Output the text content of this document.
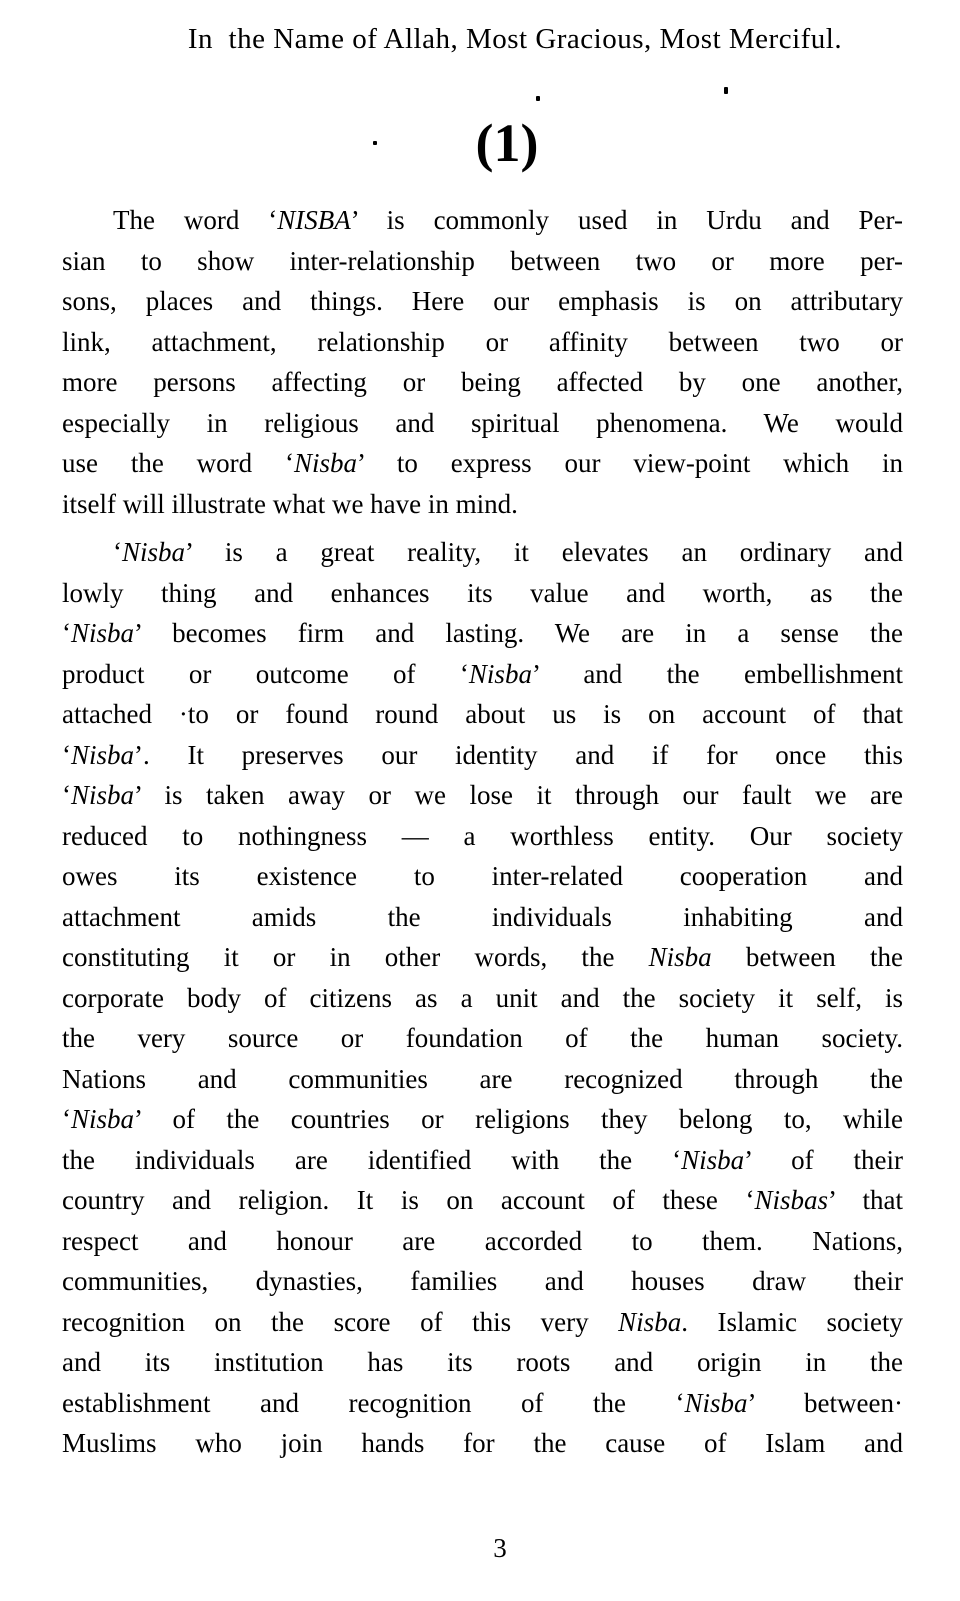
In  the Name of Allah, Most Gracious, Most Merciful.
(1)
The word ‘NISBA’ is commonly used in Urdu and Per-
sian to show inter-relationship between two or more per-
sons, places and things. Here our emphasis is on attributary
link, attachment, relationship or affinity between two or
more persons affecting or being affected by one another,
especially in religious and spiritual phenomena. We would
use the word ‘Nisba’ to express our view-point which in
itself will illustrate what we have in mind.
‘Nisba’ is a great reality, it elevates an ordinary and
lowly thing and enhances its value and worth, as the
‘Nisba’ becomes firm and lasting. We are in a sense the
product or outcome of ‘Nisba’ and the embellishment
attached ·to or found round about us is on account of that
‘Nisba’. It preserves our identity and if for once this
‘Nisba’ is taken away or we lose it through our fault we are
reduced to nothingness — a worthless entity. Our society
owes its existence to inter-related cooperation and
attachment amids the individuals inhabiting and
constituting it or in other words, the Nisba between the
corporate body of citizens as a unit and the society it self, is
the very source or foundation of the human society.
Nations and communities are recognized through the
‘Nisba’ of the countries or religions they belong to, while
the individuals are identified with the ‘Nisba’ of their
country and religion. It is on account of these ‘Nisbas’ that
respect and honour are accorded to them. Nations,
communities, dynasties, families and houses draw their
recognition on the score of this very Nisba. Islamic society
and its institution has its roots and origin in the
establishment and recognition of the ‘Nisba’ between·
Muslims who join hands for the cause of Islam and
3
